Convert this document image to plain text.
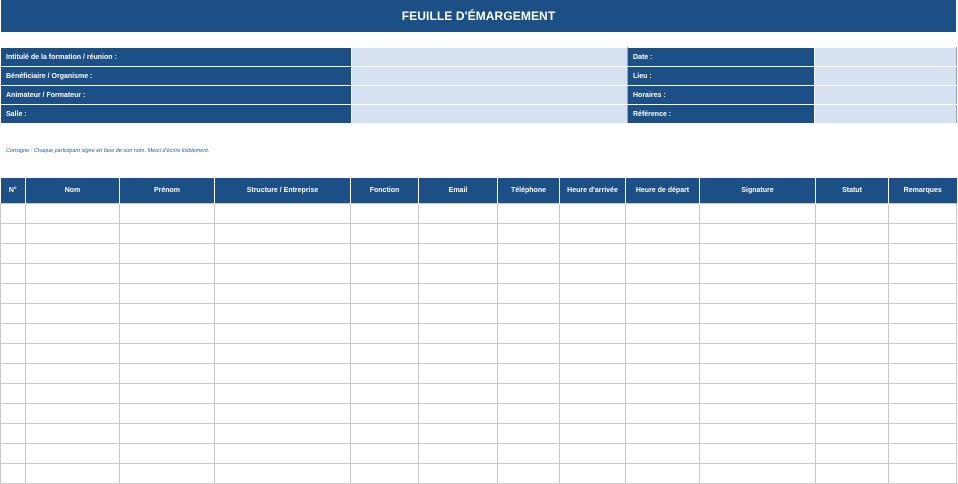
FEUILLE D'ÉMARGEMENT
Intitulé de la formation / réunion :		Date :	
Bénéficiaire / Organisme :		Lieu :	
Animateur / Formateur :		Horaires :	
Salle :		Référence :	
Consigne : Chaque participant signe en face de son nom. Merci d'écrire lisiblement.
N°	Nom	Prénom	Structure / Entreprise	Fonction	Email	Téléphone	Heure d'arrivée	Heure de départ	Signature	Statut	Remarques
